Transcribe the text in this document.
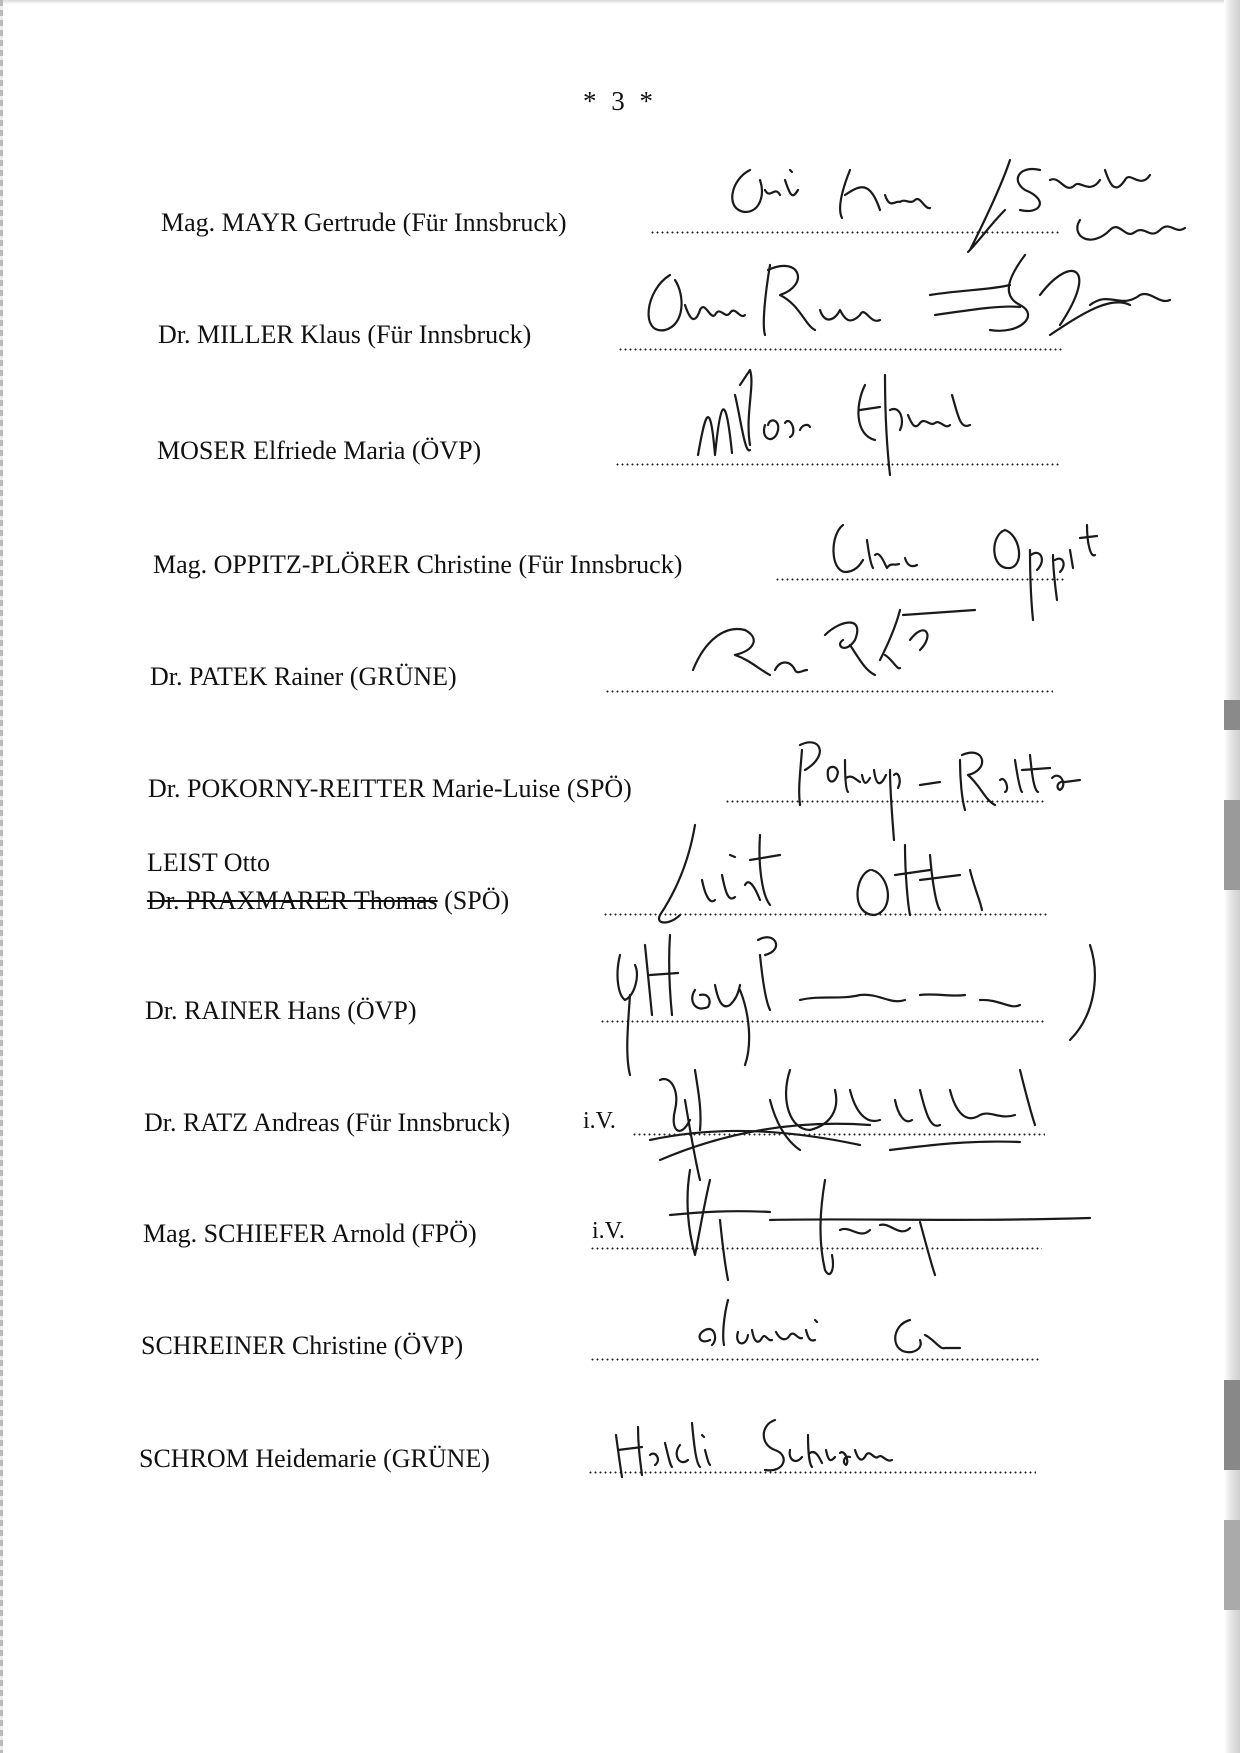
* 3 *
Mag. MAYR Gertrude (Für Innsbruck)
Dr. MILLER Klaus (Für Innsbruck)
MOSER Elfriede Maria (ÖVP)
Mag. OPPITZ-PLÖRER Christine (Für Innsbruck)
Dr. PATEK Rainer (GRÜNE)
Dr. POKORNY-REITTER Marie-Luise (SPÖ)
LEIST Otto
Dr. PRAXMARER Thomas (SPÖ)
Dr. RAINER Hans (ÖVP)
Dr. RATZ Andreas (Für Innsbruck)	i.V.
Mag. SCHIEFER Arnold (FPÖ)	i.V.
SCHREINER Christine (ÖVP)
SCHROM Heidemarie (GRÜNE)
